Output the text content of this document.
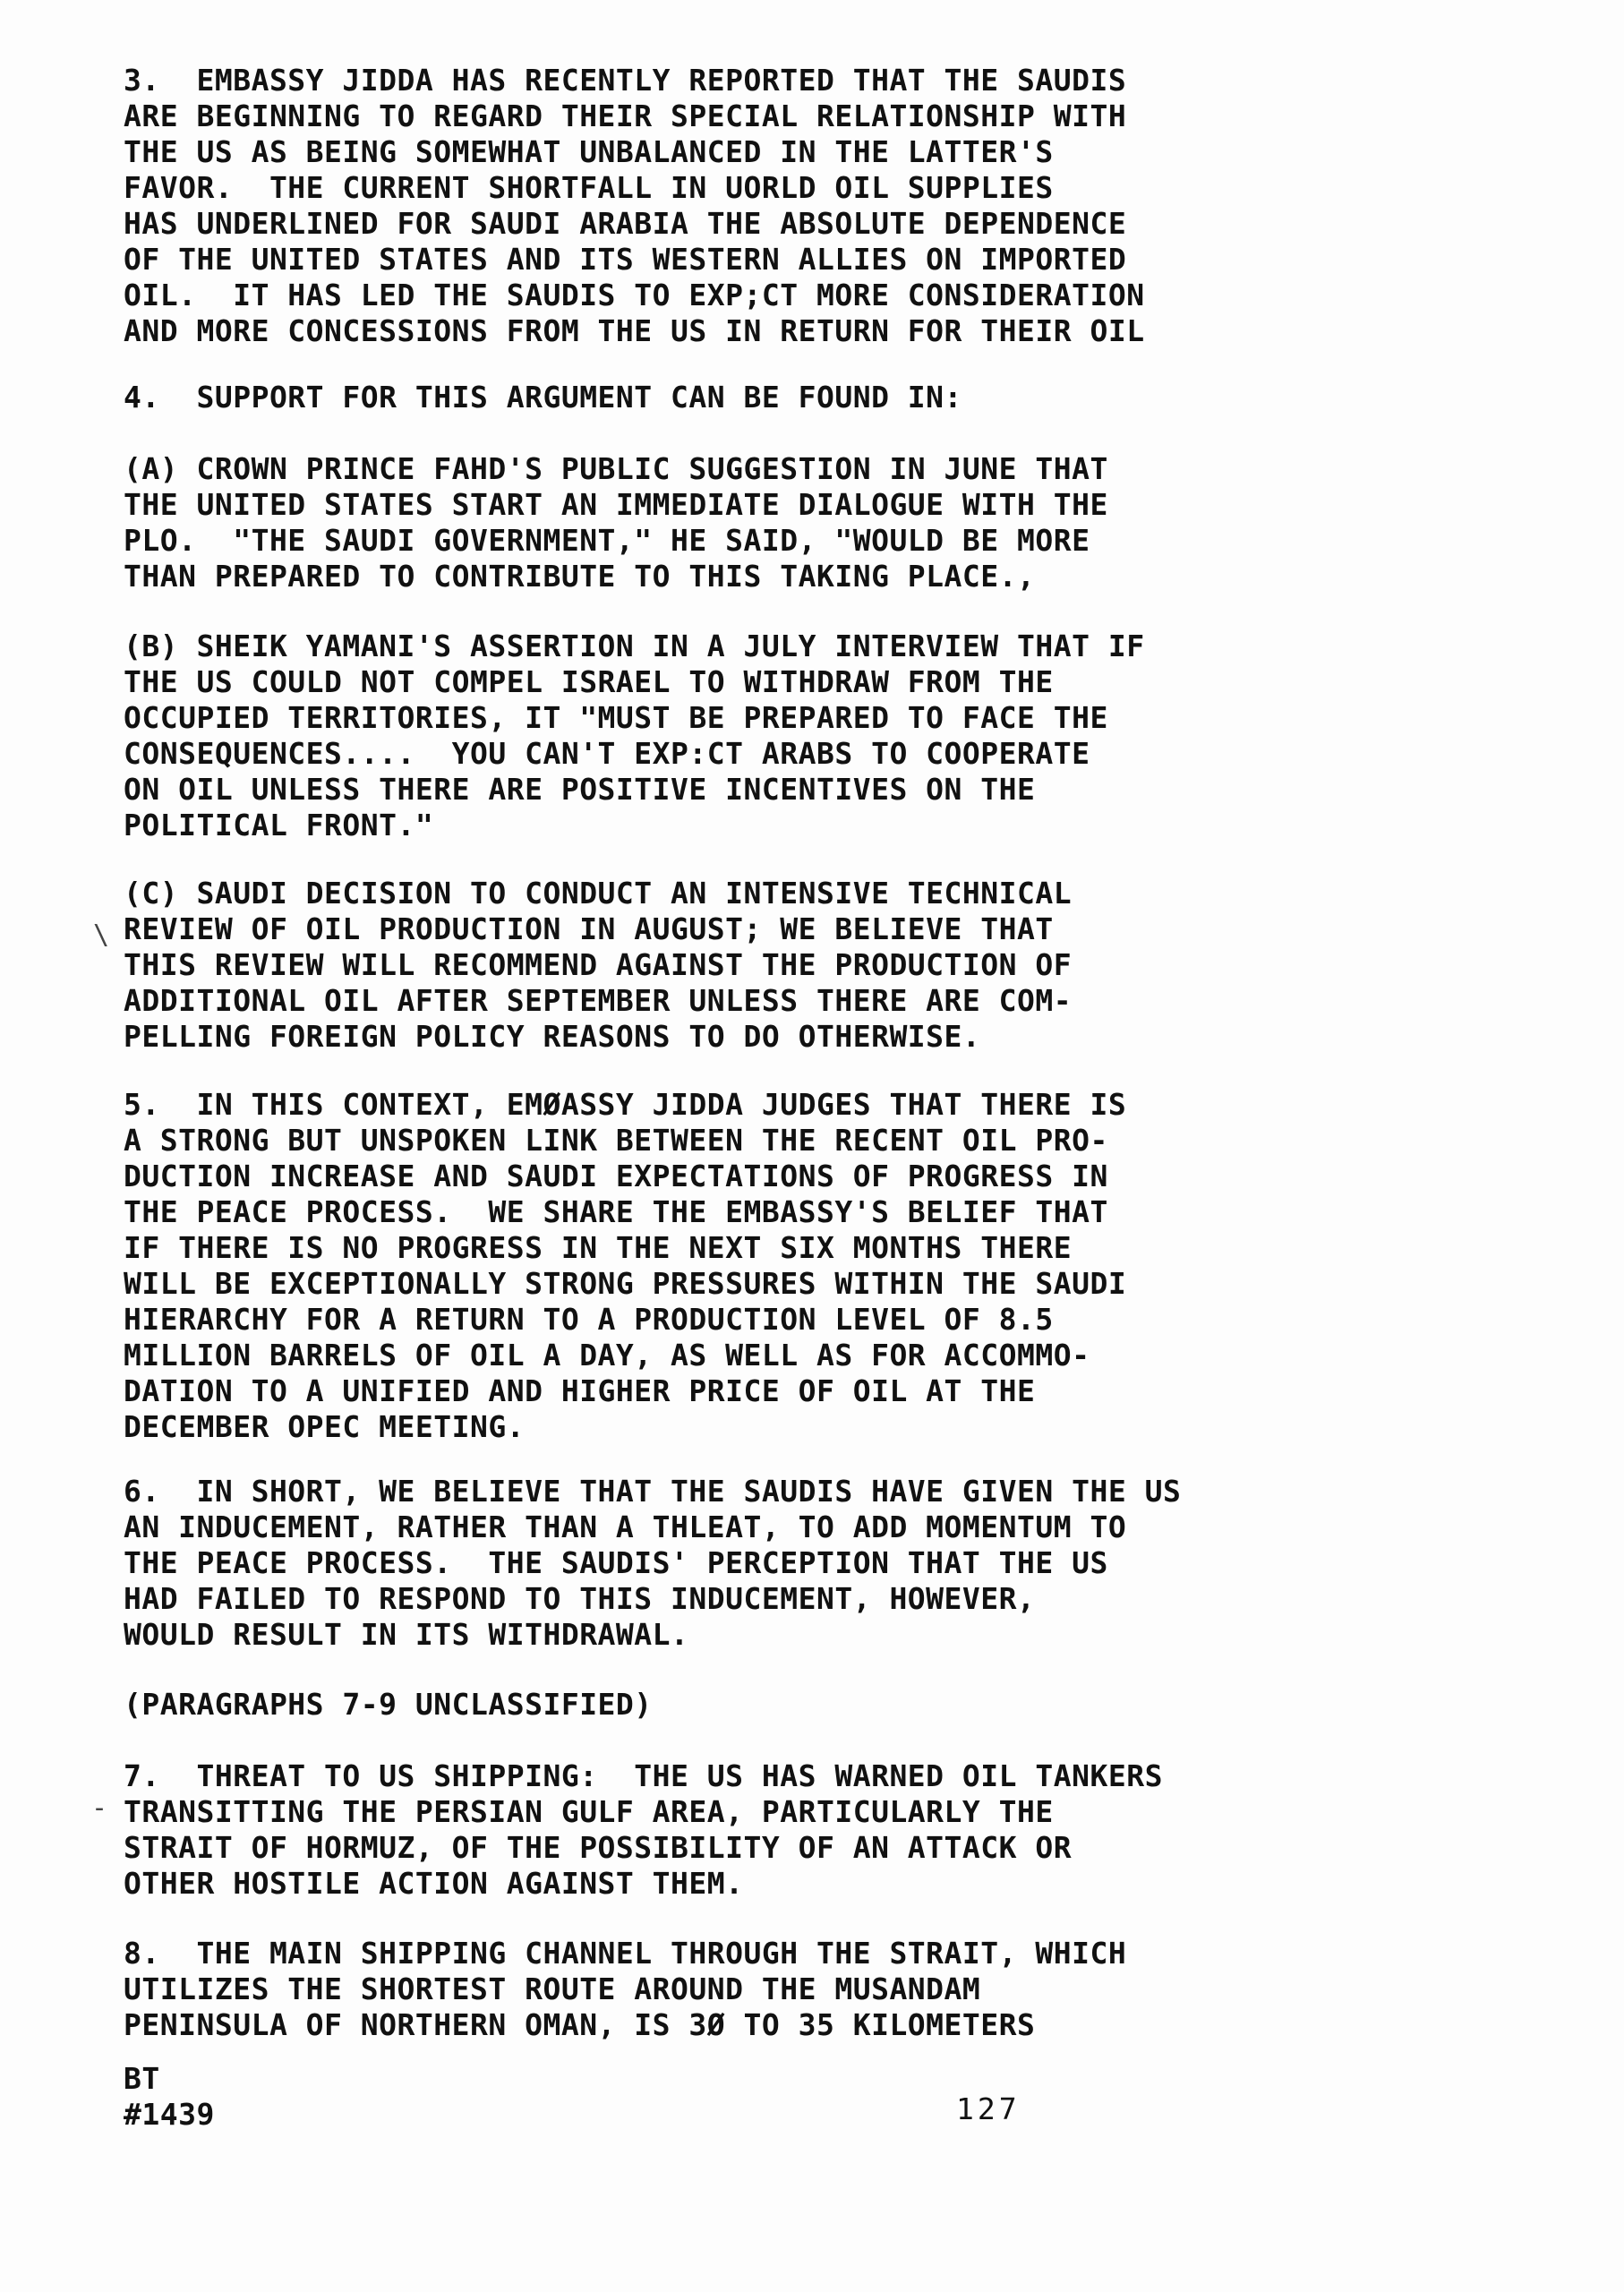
3.  EMBASSY JIDDA HAS RECENTLY REPORTED THAT THE SAUDIS
ARE BEGINNING TO REGARD THEIR SPECIAL RELATIONSHIP WITH
THE US AS BEING SOMEWHAT UNBALANCED IN THE LATTER'S
FAVOR.  THE CURRENT SHORTFALL IN UORLD OIL SUPPLIES
HAS UNDERLINED FOR SAUDI ARABIA THE ABSOLUTE DEPENDENCE
OF THE UNITED STATES AND ITS WESTERN ALLIES ON IMPORTED
OIL.  IT HAS LED THE SAUDIS TO EXP;CT MORE CONSIDERATION
AND MORE CONCESSIONS FROM THE US IN RETURN FOR THEIR OIL
4.  SUPPORT FOR THIS ARGUMENT CAN BE FOUND IN:
(A) CROWN PRINCE FAHD'S PUBLIC SUGGESTION IN JUNE THAT
THE UNITED STATES START AN IMMEDIATE DIALOGUE WITH THE
PLO.  "THE SAUDI GOVERNMENT," HE SAID, "WOULD BE MORE
THAN PREPARED TO CONTRIBUTE TO THIS TAKING PLACE.,
(B) SHEIK YAMANI'S ASSERTION IN A JULY INTERVIEW THAT IF
THE US COULD NOT COMPEL ISRAEL TO WITHDRAW FROM THE
OCCUPIED TERRITORIES, IT "MUST BE PREPARED TO FACE THE
CONSEQUENCES....  YOU CAN'T EXP:CT ARABS TO COOPERATE
ON OIL UNLESS THERE ARE POSITIVE INCENTIVES ON THE
POLITICAL FRONT."
(C) SAUDI DECISION TO CONDUCT AN INTENSIVE TECHNICAL
REVIEW OF OIL PRODUCTION IN AUGUST; WE BELIEVE THAT
THIS REVIEW WILL RECOMMEND AGAINST THE PRODUCTION OF
ADDITIONAL OIL AFTER SEPTEMBER UNLESS THERE ARE COM-
PELLING FOREIGN POLICY REASONS TO DO OTHERWISE.
5.  IN THIS CONTEXT, EMØASSY JIDDA JUDGES THAT THERE IS
A STRONG BUT UNSPOKEN LINK BETWEEN THE RECENT OIL PRO-
DUCTION INCREASE AND SAUDI EXPECTATIONS OF PROGRESS IN
THE PEACE PROCESS.  WE SHARE THE EMBASSY'S BELIEF THAT
IF THERE IS NO PROGRESS IN THE NEXT SIX MONTHS THERE
WILL BE EXCEPTIONALLY STRONG PRESSURES WITHIN THE SAUDI
HIERARCHY FOR A RETURN TO A PRODUCTION LEVEL OF 8.5
MILLION BARRELS OF OIL A DAY, AS WELL AS FOR ACCOMMO-
DATION TO A UNIFIED AND HIGHER PRICE OF OIL AT THE
DECEMBER OPEC MEETING.
6.  IN SHORT, WE BELIEVE THAT THE SAUDIS HAVE GIVEN THE US
AN INDUCEMENT, RATHER THAN A THLEAT, TO ADD MOMENTUM TO
THE PEACE PROCESS.  THE SAUDIS' PERCEPTION THAT THE US
HAD FAILED TO RESPOND TO THIS INDUCEMENT, HOWEVER,
WOULD RESULT IN ITS WITHDRAWAL.
(PARAGRAPHS 7-9 UNCLASSIFIED)
7.  THREAT TO US SHIPPING:  THE US HAS WARNED OIL TANKERS
TRANSITTING THE PERSIAN GULF AREA, PARTICULARLY THE
STRAIT OF HORMUZ, OF THE POSSIBILITY OF AN ATTACK OR
OTHER HOSTILE ACTION AGAINST THEM.
8.  THE MAIN SHIPPING CHANNEL THROUGH THE STRAIT, WHICH
UTILIZES THE SHORTEST ROUTE AROUND THE MUSANDAM
PENINSULA OF NORTHERN OMAN, IS 3Ø TO 35 KILOMETERS
BT
#1439	127
\
-
